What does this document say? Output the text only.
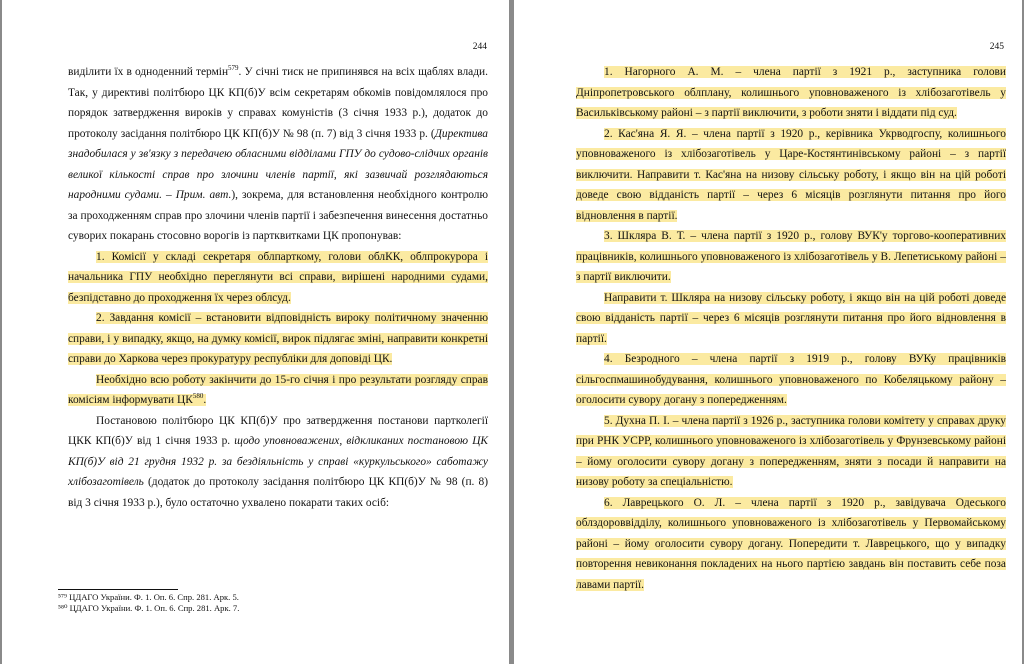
244

виділити їх в одноденний термін$^{579}$. У січні тиск не припинявся на всіх щаблях влади. Так, у директиві політбюро ЦК КП(б)У всім секретарям обкомів повідомлялося про порядок затвердження вироків у справах комуністів (3 січня 1933 р.), додаток до протоколу засідання політбюро ЦК КП(б)У № 98 (п. 7) від 3 січня 1933 р. (Директива знадобилася у зв'язку з передачею обласними відділами ГПУ до судово-слідчих органів великої кількості справ про злочини членів партії, які зазвичай розглядаються народними судами. – Прим. авт.), зокрема, для встановлення необхідного контролю за проходженням справ про злочини членів партії і забезпечення винесення достатньо суворих покарань стосовно ворогів із партквитками ЦК пропонував:

1. Комісії у складі секретаря облпарткому, голови облКК, облпрокурора і начальника ГПУ необхідно переглянути всі справи, вирішені народними судами, безпідставно до проходження їх через облсуд.

2. Завдання комісії – встановити відповідність вироку політичному значенню справи, і у випадку, якщо, на думку комісії, вирок підлягає зміні, направити конкретні справи до Харкова через прокуратуру республіки для доповіді ЦК.

Необхідно всю роботу закінчити до 15-го січня і про результати розгляду справ комісіям інформувати ЦК$^{580}$.

Постановою політбюро ЦК КП(б)У про затвердження постанови партколегії ЦКК КП(б)У від 1 січня 1933 р. щодо уповноважених, відкликаних постановою ЦК КП(б)У від 21 грудня 1932 р. за бездіяльність у справі «куркульського» саботажу хлібозаготівель (додаток до протоколу засідання політбюро ЦК КП(б)У № 98 (п. 8) від 3 січня 1933 р.), було остаточно ухвалено покарати таких осіб:

⁵⁷⁹ ЦДАГО України. Ф. 1. Оп. 6. Спр. 281. Арк. 5.
⁵⁸⁰ ЦДАГО України. Ф. 1. Оп. 6. Спр. 281. Арк. 7.
245

1. Нагорного А. М. – члена партії з 1921 р., заступника голови Дніпропетровського облплану, колишнього уповноваженого із хлібозаготівель у Васильківському районі – з партії виключити, з роботи зняти і віддати під суд.

2. Кас'яна Я. Я. – члена партії з 1920 р., керівника Укрводгоспу, колишнього уповноваженого із хлібозаготівель у Царе-Костянтинівському районі – з партії виключити. Направити т. Кас'яна на низову сільську роботу, і якщо він на цій роботі доведе свою відданість партії – через 6 місяців розглянути питання про його відновлення в партії.

3. Шкляра В. Т. – члена партії з 1920 р., голову ВУК'у торгово-кооперативних працівників, колишнього уповноваженого із хлібозаготівель у В. Лепетиському районі – з партії виключити.

Направити т. Шкляра на низову сільську роботу, і якщо він на цій роботі доведе свою відданість партії – через 6 місяців розглянути питання про його відновлення в партії.

4. Безродного – члена партії з 1919 р., голову ВУКу працівників сільгоспмашинобудування, колишнього уповноваженого по Кобеляцькому району – оголосити сувору догану з попередженням.

5. Духна П. І. – члена партії з 1926 р., заступника голови комітету у справах друку при РНК УСРР, колишнього уповноваженого із хлібозаготівель у Фрунзевському районі – йому оголосити сувору догану з попередженням, зняти з посади й направити на низову роботу за спеціальністю.

6. Лаврецького О. Л. – члена партії з 1920 р., завідувача Одеського облздороввідділу, колишнього уповноваженого із хлібозаготівель у Первомайському районі – йому оголосити сувору догану. Попередити т. Лаврецького, що у випадку повторення невиконання покладених на нього партією завдань він поставить себе поза лавами партії.
